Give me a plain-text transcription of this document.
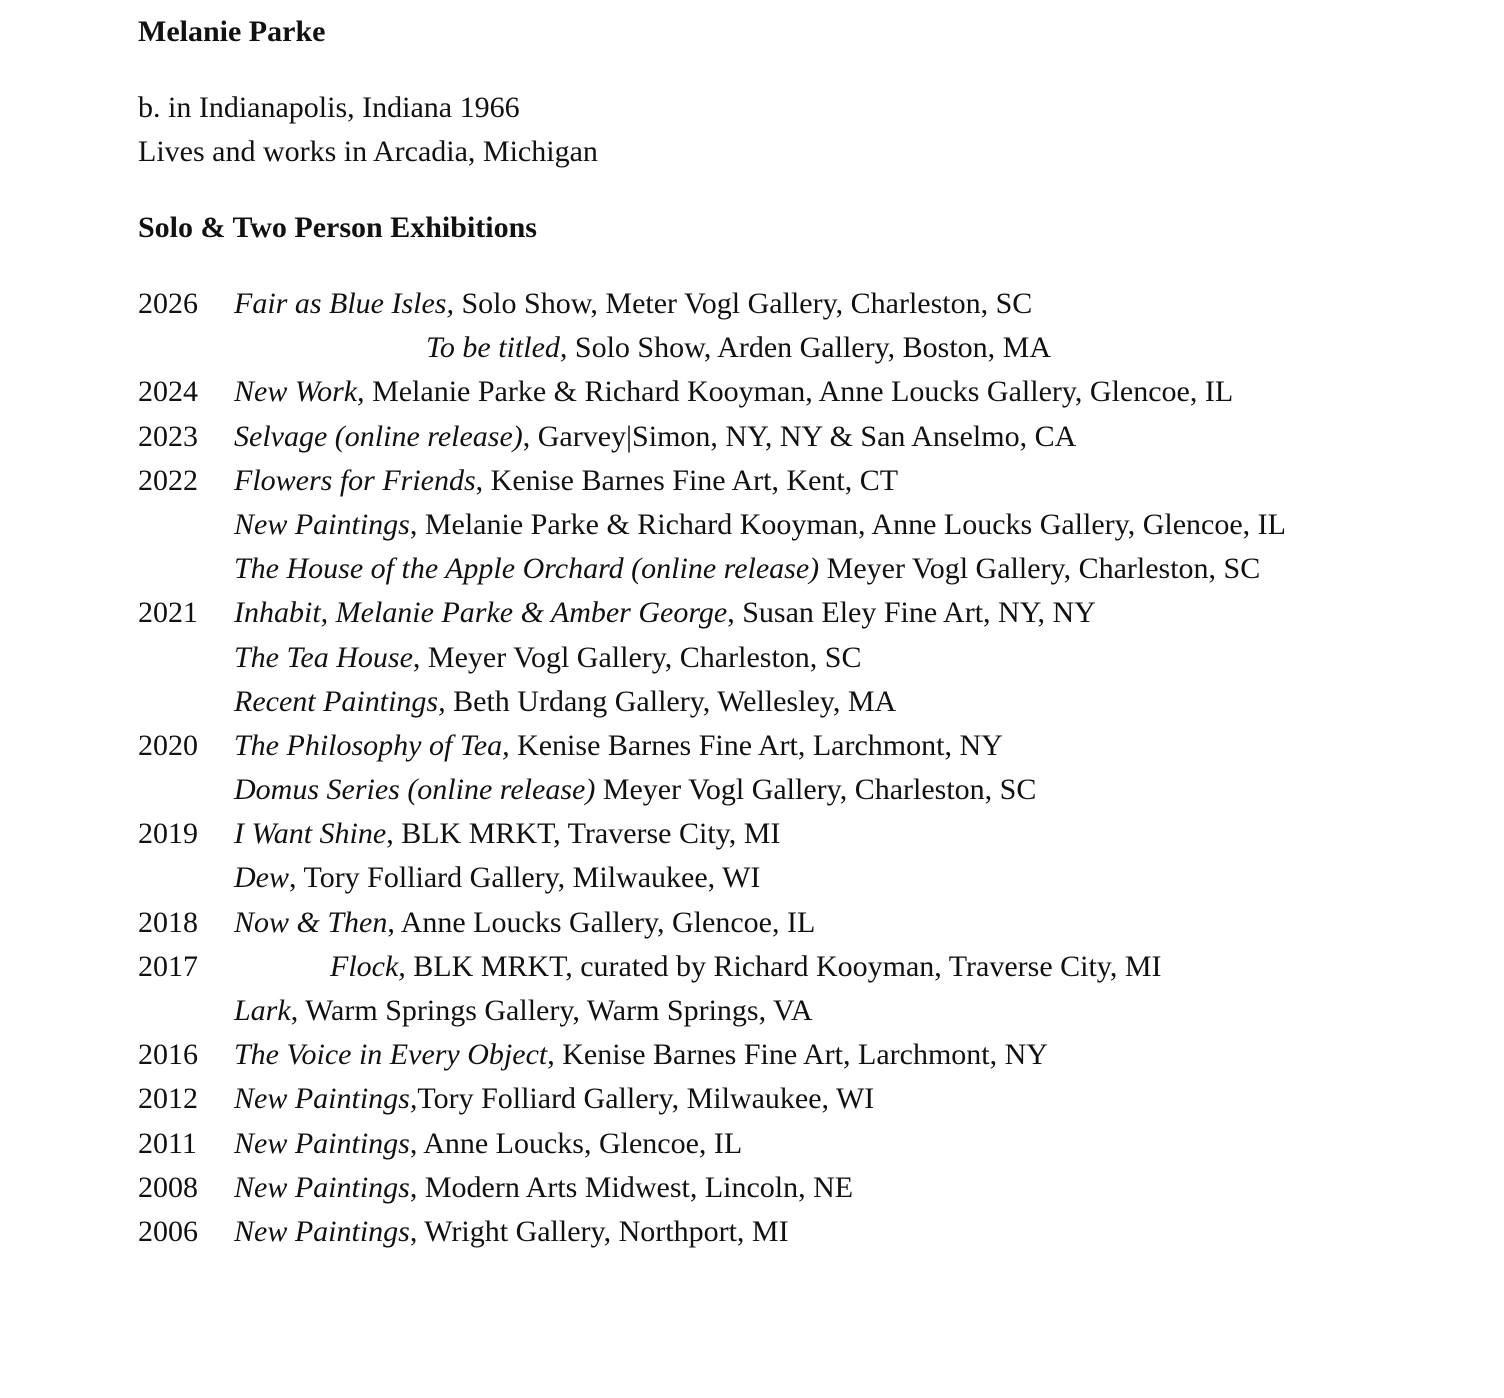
Melanie Parke
b. in Indianapolis, Indiana 1966
Lives and works in Arcadia, Michigan
Solo & Two Person Exhibitions
2026 Fair as Blue Isles, Solo Show, Meter Vogl Gallery, Charleston, SC
To be titled, Solo Show, Arden Gallery, Boston, MA
2024 New Work, Melanie Parke & Richard Kooyman, Anne Loucks Gallery, Glencoe, IL
2023 Selvage (online release), Garvey|Simon, NY, NY & San Anselmo, CA
2022 Flowers for Friends, Kenise Barnes Fine Art, Kent, CT
New Paintings, Melanie Parke & Richard Kooyman, Anne Loucks Gallery, Glencoe, IL
The House of the Apple Orchard (online release) Meyer Vogl Gallery, Charleston, SC
2021 Inhabit, Melanie Parke & Amber George, Susan Eley Fine Art, NY, NY
The Tea House, Meyer Vogl Gallery, Charleston, SC
Recent Paintings, Beth Urdang Gallery, Wellesley, MA
2020 The Philosophy of Tea, Kenise Barnes Fine Art, Larchmont, NY
Domus Series (online release) Meyer Vogl Gallery, Charleston, SC
2019 I Want Shine, BLK MRKT, Traverse City, MI
Dew, Tory Folliard Gallery, Milwaukee, WI
2018 Now & Then, Anne Loucks Gallery, Glencoe, IL
2017	Flock, BLK MRKT, curated by Richard Kooyman, Traverse City, MI
Lark, Warm Springs Gallery, Warm Springs, VA
2016 The Voice in Every Object, Kenise Barnes Fine Art, Larchmont, NY
2012 New Paintings,Tory Folliard Gallery, Milwaukee, WI
2011 New Paintings, Anne Loucks, Glencoe, IL
2008 New Paintings, Modern Arts Midwest, Lincoln, NE
2006 New Paintings, Wright Gallery, Northport, MI
